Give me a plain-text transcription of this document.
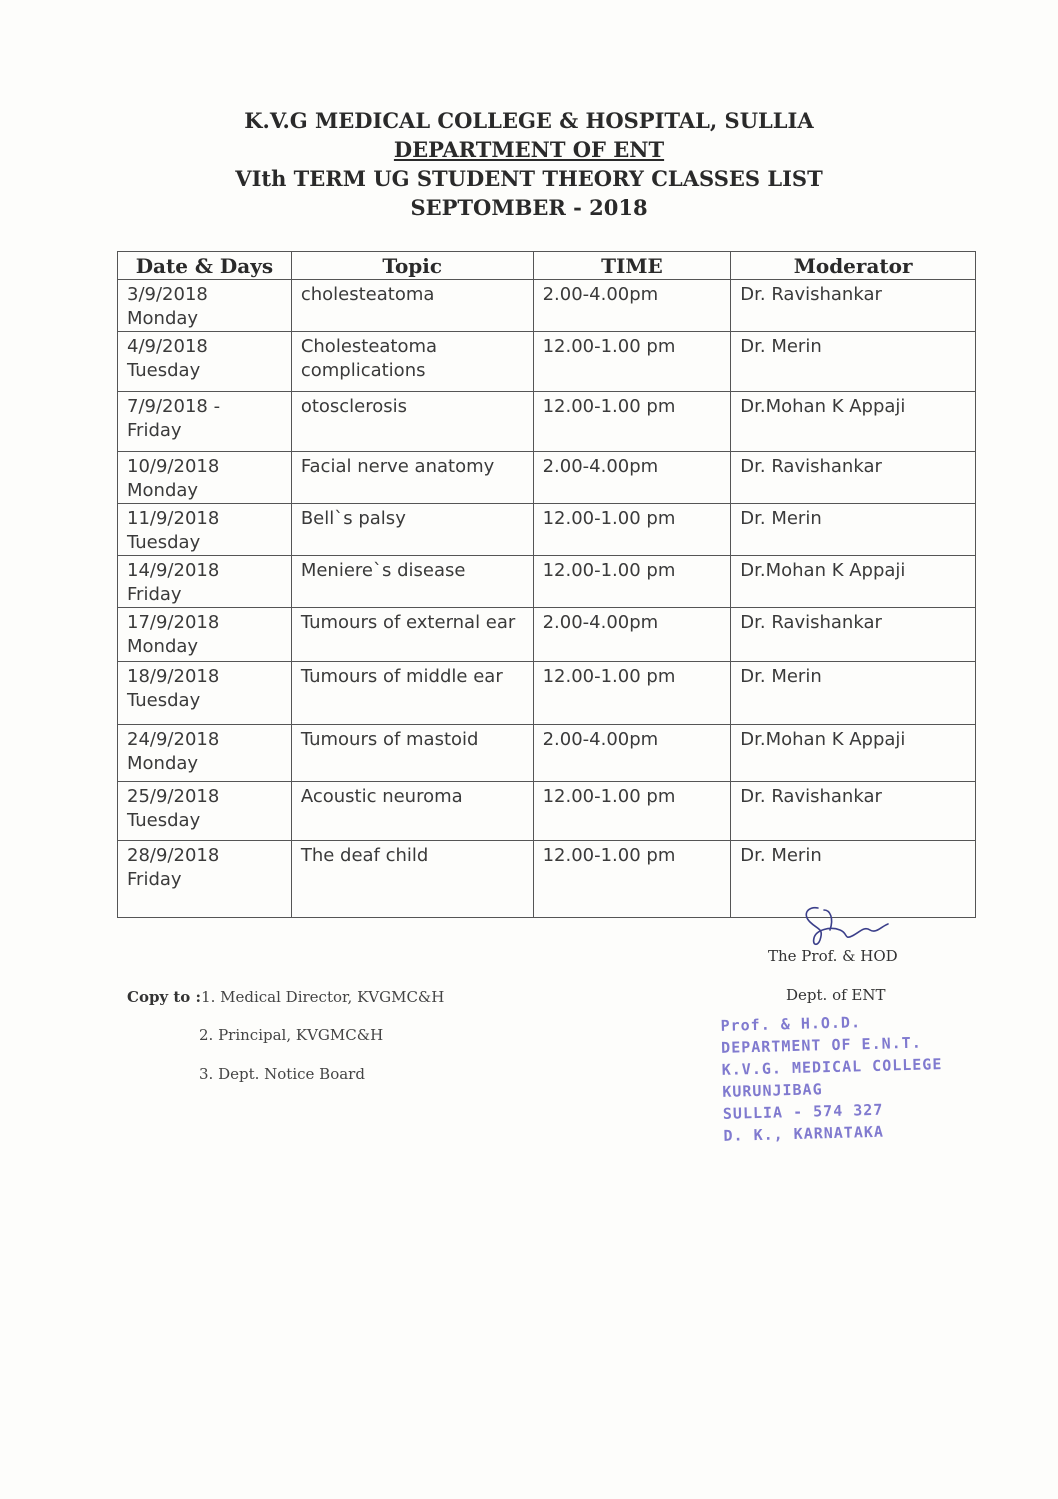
K.V.G MEDICAL COLLEGE & HOSPITAL, SULLIA
DEPARTMENT OF ENT
VIth TERM UG STUDENT THEORY CLASSES LIST
SEPTOMBER - 2018
Date & Days	Topic	TIME	Moderator

3/9/2018
Monday	cholesteatoma	2.00-4.00pm	Dr. Ravishankar

4/9/2018
Tuesday	Cholesteatoma complications	12.00-1.00 pm	Dr. Merin

7/9/2018 -
Friday	otosclerosis	12.00-1.00 pm	Dr.Mohan K Appaji

10/9/2018
Monday	Facial nerve anatomy	2.00-4.00pm	Dr. Ravishankar

11/9/2018
Tuesday	Bell`s palsy	12.00-1.00 pm	Dr. Merin

14/9/2018
Friday	Meniere`s disease	12.00-1.00 pm	Dr.Mohan K Appaji

17/9/2018
Monday	Tumours of external ear	2.00-4.00pm	Dr. Ravishankar

18/9/2018
Tuesday	Tumours of middle ear	12.00-1.00 pm	Dr. Merin

24/9/2018
Monday	Tumours of mastoid	2.00-4.00pm	Dr.Mohan K Appaji

25/9/2018
Tuesday	Acoustic neuroma	12.00-1.00 pm	Dr. Ravishankar

28/9/2018
Friday	The deaf child	12.00-1.00 pm	Dr. Merin
The Prof. & HOD
Dept. of ENT
Prof. & H.O.D.
DEPARTMENT OF E.N.T.
K.V.G. MEDICAL COLLEGE
KURUNJIBAG
SULLIA - 574 327
D. K., KARNATAKA
Copy to :1. Medical Director, KVGMC&H
2. Principal, KVGMC&H
3. Dept. Notice Board
